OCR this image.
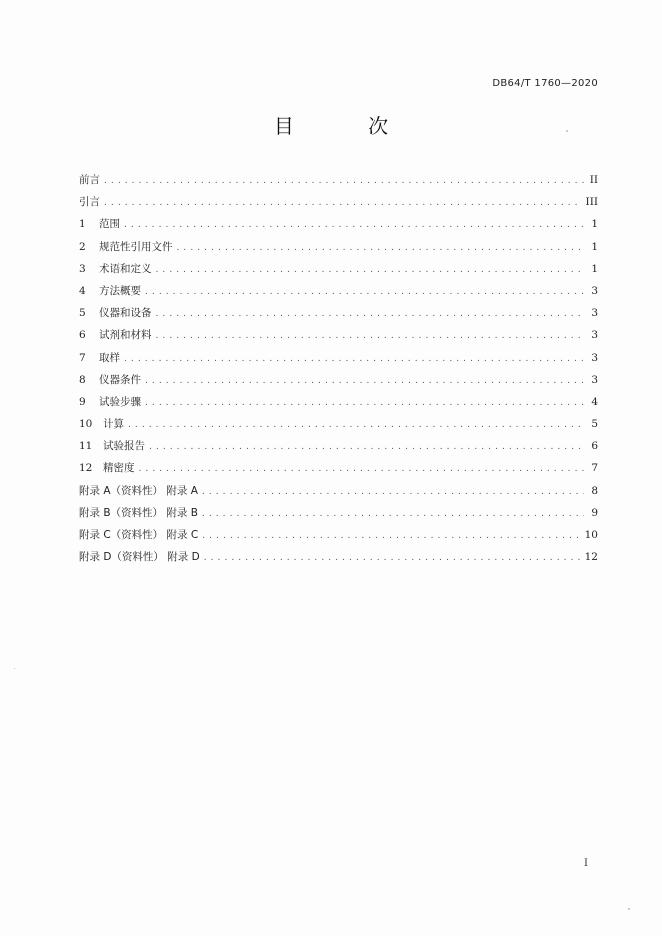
DB64/T 1760—2020
目 次
前言 . . .	II
引言 . . .	III
1	范围 . . .	1
2	规范性引用文件 . . .	1
3	术语和定义 . . .	1
4	方法概要 . . .	3
5	仪器和设备 . . .	3
6	试剂和材料 . . .	3
7	取样 . . .	3
8	仪器条件 . . .	3
9	试验步骤 . . .	4
10	计算 . . .	5
11	试验报告 . . .	6
12	精密度 . . .	7
附录 A（资料性） 附录 A . . .	8
附录 B（资料性） 附录 B . . .	9
附录 C（资料性） 附录 C . . .	10
附录 D（资料性） 附录 D . . .	12
I
